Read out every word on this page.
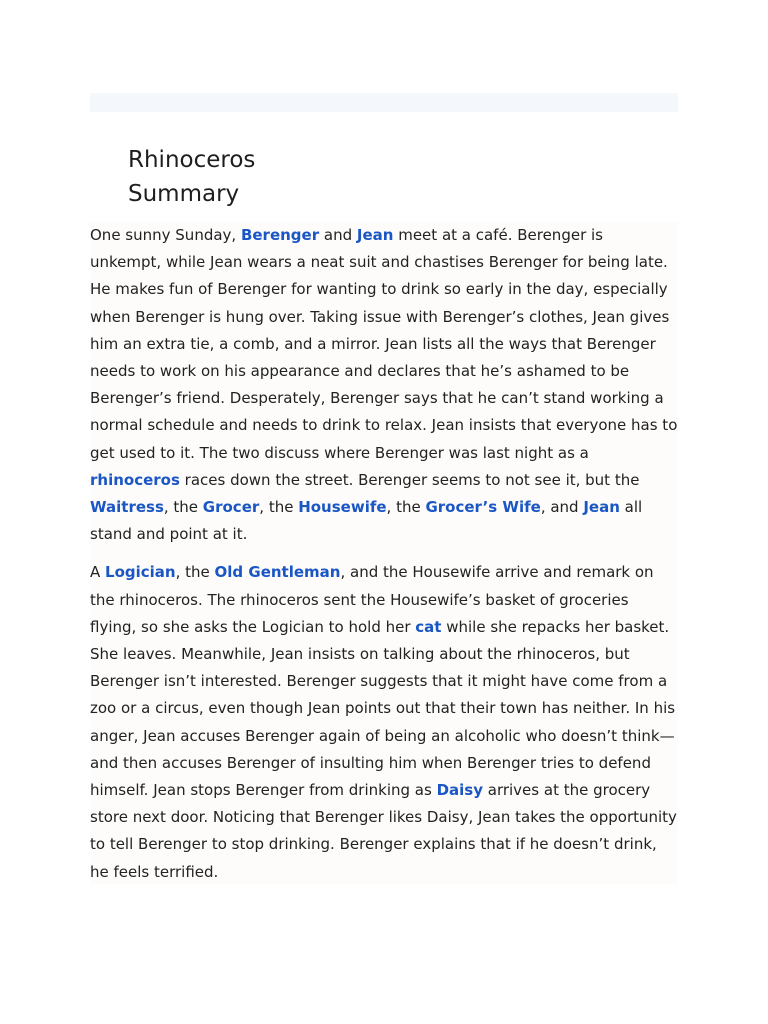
Rhinoceros
Summary

One sunny Sunday, Berenger and Jean meet at a café. Berenger is unkempt, while Jean wears a neat suit and chastises Berenger for being late. He makes fun of Berenger for wanting to drink so early in the day, especially when Berenger is hung over. Taking issue with Berenger’s clothes, Jean gives him an extra tie, a comb, and a mirror. Jean lists all the ways that Berenger needs to work on his appearance and declares that he’s ashamed to be Berenger’s friend. Desperately, Berenger says that he can’t stand working a normal schedule and needs to drink to relax. Jean insists that everyone has to get used to it. The two discuss where Berenger was last night as a rhinoceros races down the street. Berenger seems to not see it, but the Waitress, the Grocer, the Housewife, the Grocer’s Wife, and Jean all stand and point at it.

A Logician, the Old Gentleman, and the Housewife arrive and remark on the rhinoceros. The rhinoceros sent the Housewife’s basket of groceries flying, so she asks the Logician to hold her cat while she repacks her basket. She leaves. Meanwhile, Jean insists on talking about the rhinoceros, but Berenger isn’t interested. Berenger suggests that it might have come from a zoo or a circus, even though Jean points out that their town has neither. In his anger, Jean accuses Berenger again of being an alcoholic who doesn’t think—and then accuses Berenger of insulting him when Berenger tries to defend himself. Jean stops Berenger from drinking as Daisy arrives at the grocery store next door. Noticing that Berenger likes Daisy, Jean takes the opportunity to tell Berenger to stop drinking. Berenger explains that if he doesn’t drink, he feels terrified.
